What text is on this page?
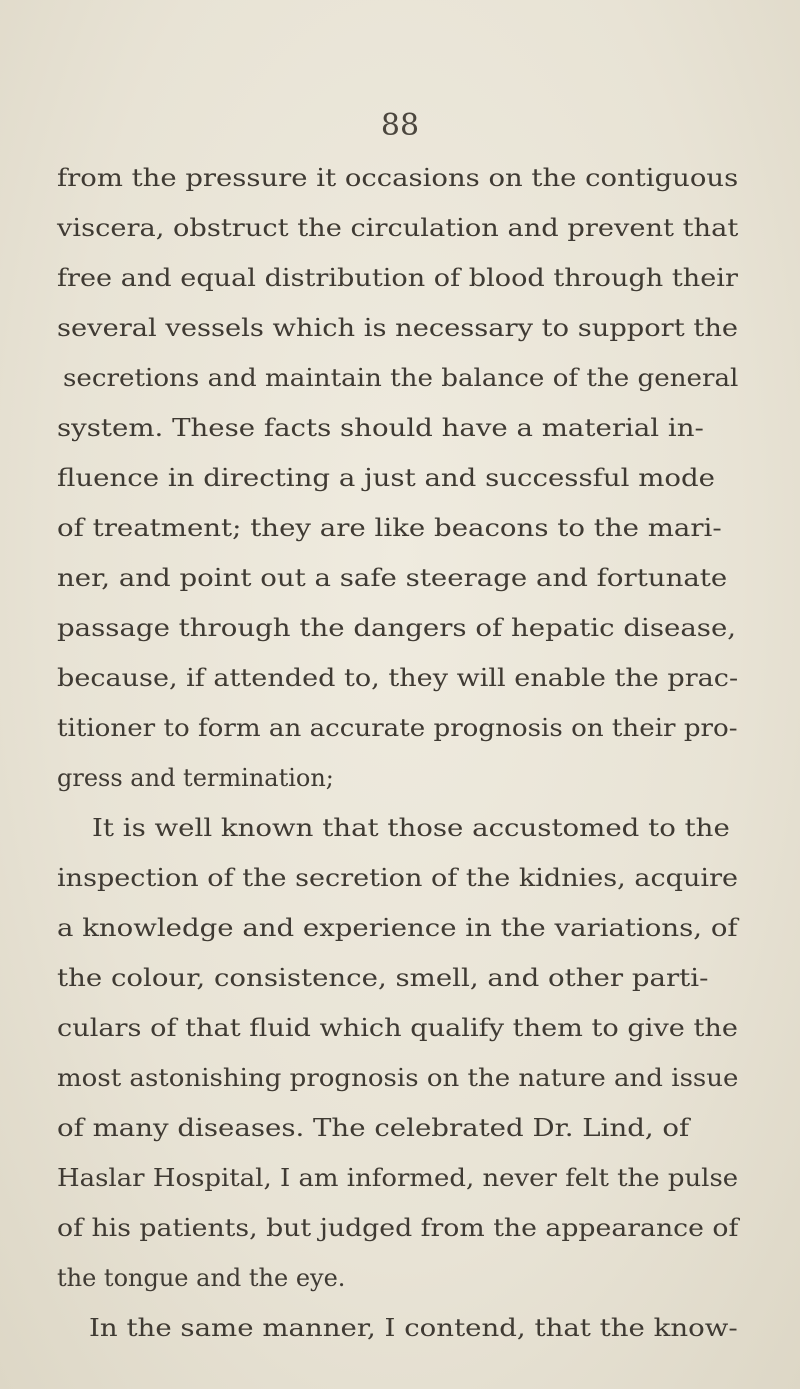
88
from the pressure it occasions on the contiguous
viscera, obstruct the circulation and prevent that
free and equal distribution of blood through their
several vessels which is necessary to support the
secretions and maintain the balance of the general
system. These facts should have a material in-
fluence in directing a just and successful mode
of treatment; they are like beacons to the mari-
ner, and point out a safe steerage and fortunate
passage through the dangers of hepatic disease,
because, if attended to, they will enable the prac-
titioner to form an accurate prognosis on their pro-
gress and termination;
It is well known that those accustomed to the
inspection of the secretion of the kidnies, acquire
a knowledge and experience in the variations, of
the colour, consistence, smell, and other parti-
culars of that fluid which qualify them to give the
most astonishing prognosis on the nature and issue
of many diseases. The celebrated Dr. Lind, of
Haslar Hospital, I am informed, never felt the pulse
of his patients, but judged from the appearance of
the tongue and the eye.
In the same manner, I contend, that the know-
